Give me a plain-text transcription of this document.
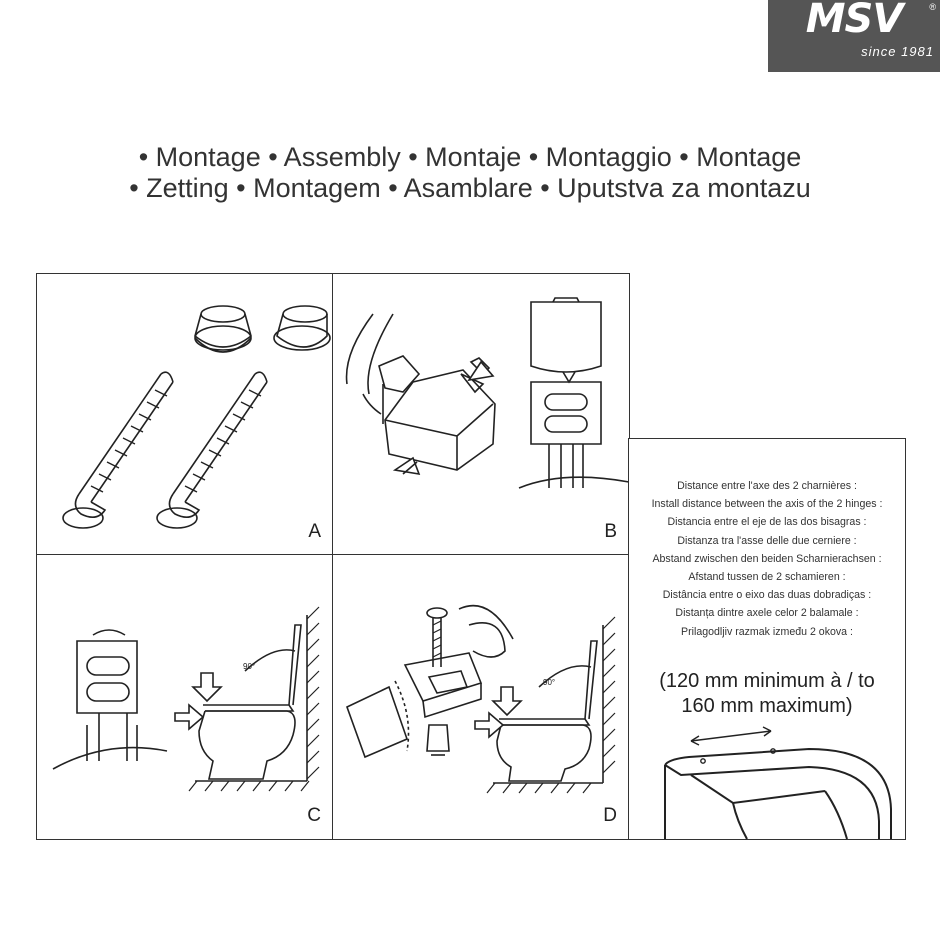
MSV	®
since 1981
• Montage • Assembly • Montaje • Montaggio • Montage
• Zetting • Montagem • Asamblare • Uputstva za montazu
A	B
90°
C
90°
D
Distance entre l'axe des 2 charnières :
Install distance between the axis of the 2 hinges :
Distancia entre el eje de las dos bisagras :
Distanza tra l'asse delle due cerniere :
Abstand zwischen den beiden Scharnierachsen :
Afstand tussen de 2 schamieren :
Distância entre o eixo das duas dobradiças :
Distanța dintre axele celor 2 balamale :
Prilagodljiv razmak između 2 okova :
(120 mm minimum à / to
160 mm maximum)
